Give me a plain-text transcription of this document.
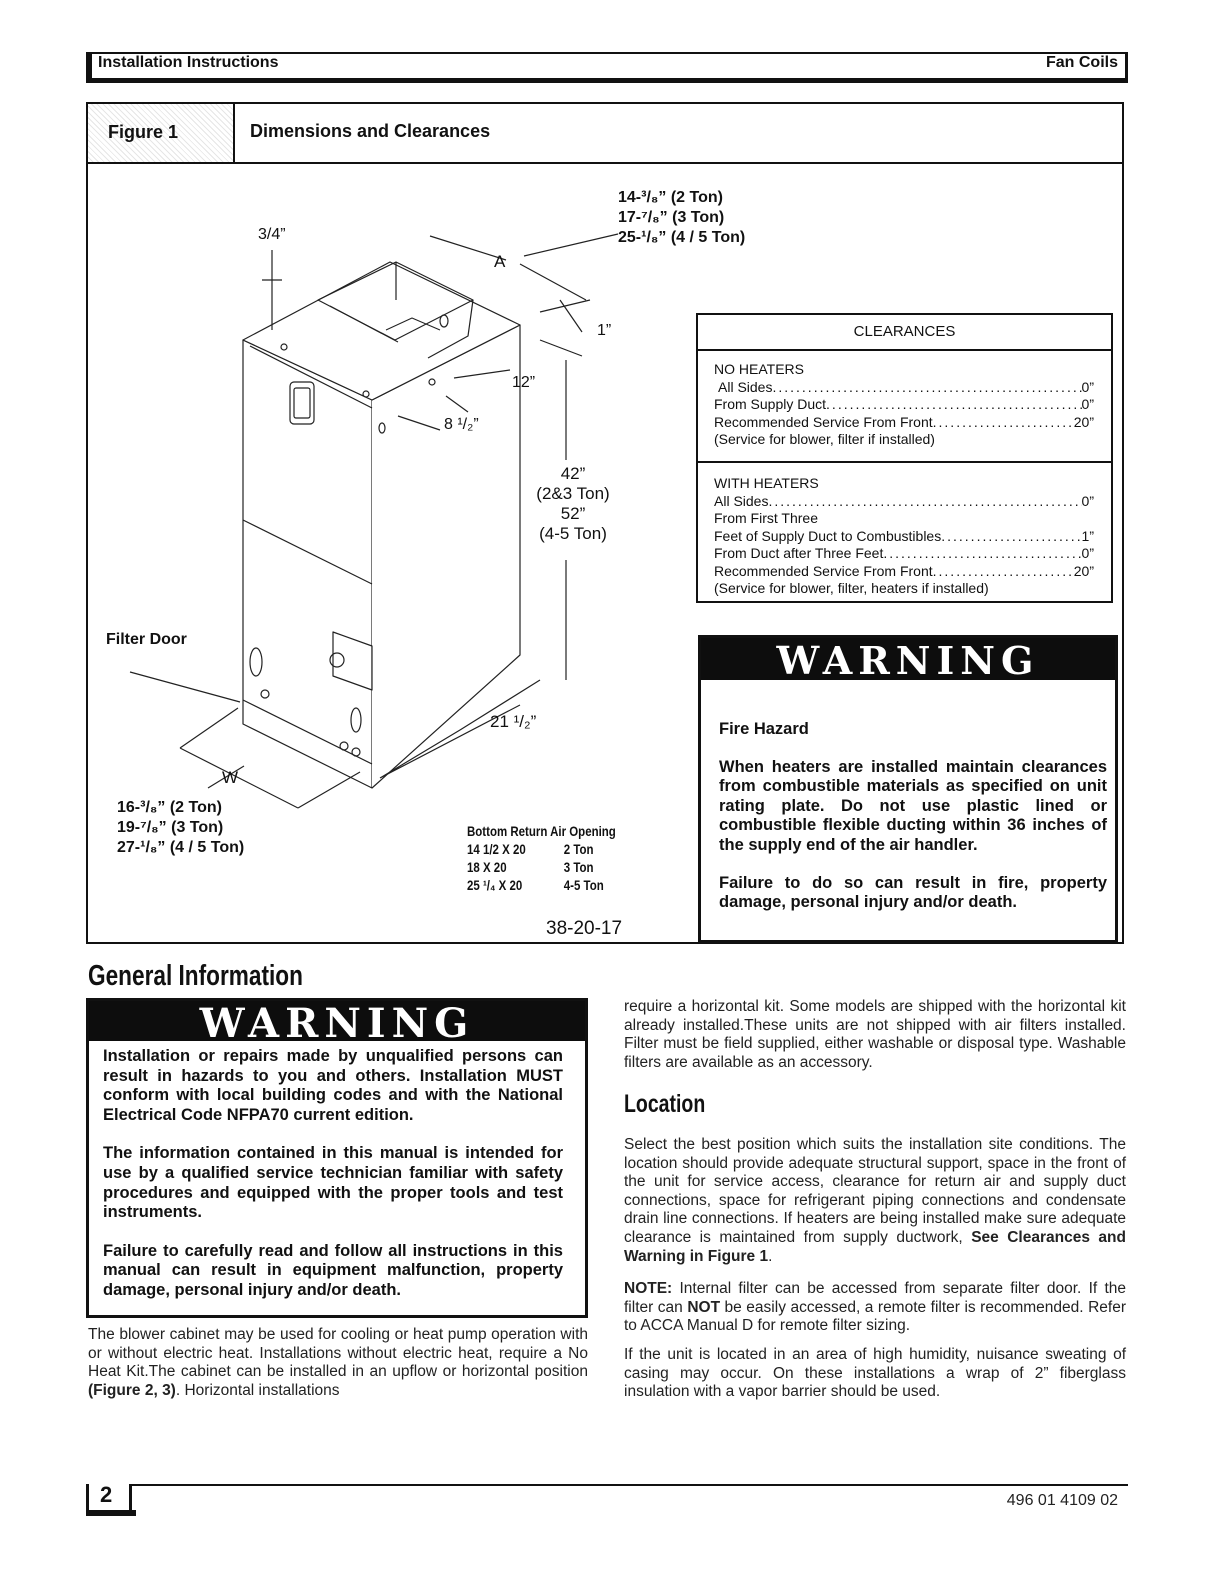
Installation Instructions	Fan Coils
Figure 1	Dimensions and Clearances
14-³/₈” (2 Ton)
17-⁷/₈” (3 Ton)
25-¹/₈” (4 / 5 Ton)
A
3/4”
1”
12”
8 ¹/₂”
42”
(2&3 Ton)
52”
(4-5 Ton)
21 ¹/₂”
Filter Door
W
16-³/₈” (2 Ton)
19-⁷/₈” (3 Ton)
27-¹/₈” (4 / 5 Ton)
Bottom Return Air Opening
14 1/2 X 20	2 Ton
18 X 20	3 Ton
25 ¹/₄ X 20	4-5 Ton
38-20-17
CLEARANCES
NO HEATERS
All Sides .....	0”
From Supply Duct .....	0”
Recommended Service From Front .....	20”
(Service for blower, filter if installed)
WITH HEATERS
All Sides .....	0”
From First Three
Feet of Supply Duct to Combustibles .....	1”
From Duct after Three Feet .....	0”
Recommended Service From Front .....	20”
(Service for blower, filter, heaters if installed)
WARNING

Fire Hazard

When heaters are installed maintain clearances from combustible materials as specified on unit rating plate. Do not use plastic lined or combustible flexible ducting within 36 inches of the supply end of the air handler.

Failure to do so can result in fire, property damage, personal injury and/or death.

General Information
WARNING

Installation or repairs made by unqualified persons can result in hazards to you and others. Installation MUST conform with local building codes and with the National Electrical Code NFPA70 current edition.

The information contained in this manual is intended for use by a qualified service technician familiar with safety procedures and equipped with the proper tools and test instruments.

Failure to carefully read and follow all instructions in this manual can result in equipment malfunction, property damage, personal injury and/or death.

The blower cabinet may be used for cooling or heat pump operation with or without electric heat. Installations without electric heat, require a No Heat Kit.The cabinet can be installed in an upflow or horizontal position (Figure 2, 3). Horizontal installations
require a horizontal kit. Some models are shipped with the horizontal kit already installed.These units are not shipped with air filters installed. Filter must be field supplied, either washable or disposal type. Washable filters are available as an accessory.
Location
Select the best position which suits the installation site conditions. The location should provide adequate structural support, space in the front of the unit for service access, clearance for return air and supply duct connections, space for refrigerant piping connections and condensate drain line connections. If heaters are being installed make sure adequate clearance is maintained from supply ductwork, See Clearances and Warning in Figure 1.
NOTE: Internal filter can be accessed from separate filter door. If the filter can NOT be easily accessed, a remote filter is recommended. Refer to ACCA Manual D for remote filter sizing.
If the unit is located in an area of high humidity, nuisance sweating of casing may occur. On these installations a wrap of 2” fiberglass insulation with a vapor barrier should be used.
2	496 01 4109 02
